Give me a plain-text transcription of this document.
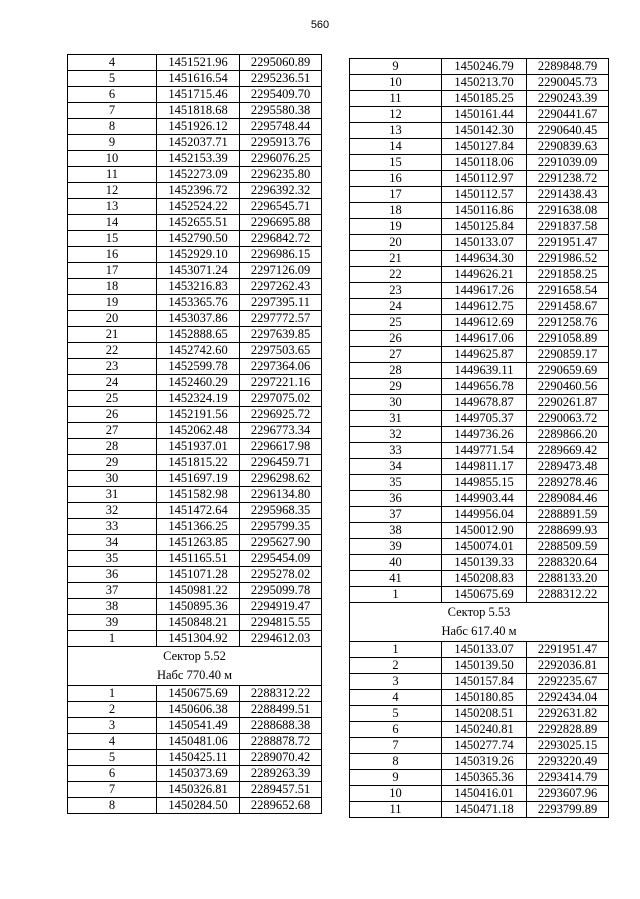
560
4	1451521.96	2295060.89
5	1451616.54	2295236.51
6	1451715.46	2295409.70
7	1451818.68	2295580.38
8	1451926.12	2295748.44
9	1452037.71	2295913.76
10	1452153.39	2296076.25
11	1452273.09	2296235.80
12	1452396.72	2296392.32
13	1452524.22	2296545.71
14	1452655.51	2296695.88
15	1452790.50	2296842.72
16	1452929.10	2296986.15
17	1453071.24	2297126.09
18	1453216.83	2297262.43
19	1453365.76	2297395.11
20	1453037.86	2297772.57
21	1452888.65	2297639.85
22	1452742.60	2297503.65
23	1452599.78	2297364.06
24	1452460.29	2297221.16
25	1452324.19	2297075.02
26	1452191.56	2296925.72
27	1452062.48	2296773.34
28	1451937.01	2296617.98
29	1451815.22	2296459.71
30	1451697.19	2296298.62
31	1451582.98	2296134.80
32	1451472.64	2295968.35
33	1451366.25	2295799.35
34	1451263.85	2295627.90
35	1451165.51	2295454.09
36	1451071.28	2295278.02
37	1450981.22	2295099.78
38	1450895.36	2294919.47
39	1450848.21	2294815.55
1	1451304.92	2294612.03
Сектор 5.52		
Набс 770.40 м		
1	1450675.69	2288312.22
2	1450606.38	2288499.51
3	1450541.49	2288688.38
4	1450481.06	2288878.72
5	1450425.11	2289070.42
6	1450373.69	2289263.39
7	1450326.81	2289457.51
8	1450284.50	2289652.68
9	1450246.79	2289848.79
10	1450213.70	2290045.73
11	1450185.25	2290243.39
12	1450161.44	2290441.67
13	1450142.30	2290640.45
14	1450127.84	2290839.63
15	1450118.06	2291039.09
16	1450112.97	2291238.72
17	1450112.57	2291438.43
18	1450116.86	2291638.08
19	1450125.84	2291837.58
20	1450133.07	2291951.47
21	1449634.30	2291986.52
22	1449626.21	2291858.25
23	1449617.26	2291658.54
24	1449612.75	2291458.67
25	1449612.69	2291258.76
26	1449617.06	2291058.89
27	1449625.87	2290859.17
28	1449639.11	2290659.69
29	1449656.78	2290460.56
30	1449678.87	2290261.87
31	1449705.37	2290063.72
32	1449736.26	2289866.20
33	1449771.54	2289669.42
34	1449811.17	2289473.48
35	1449855.15	2289278.46
36	1449903.44	2289084.46
37	1449956.04	2288891.59
38	1450012.90	2288699.93
39	1450074.01	2288509.59
40	1450139.33	2288320.64
41	1450208.83	2288133.20
1	1450675.69	2288312.22
Сектор 5.53		
Набс 617.40 м		
1	1450133.07	2291951.47
2	1450139.50	2292036.81
3	1450157.84	2292235.67
4	1450180.85	2292434.04
5	1450208.51	2292631.82
6	1450240.81	2292828.89
7	1450277.74	2293025.15
8	1450319.26	2293220.49
9	1450365.36	2293414.79
10	1450416.01	2293607.96
11	1450471.18	2293799.89
